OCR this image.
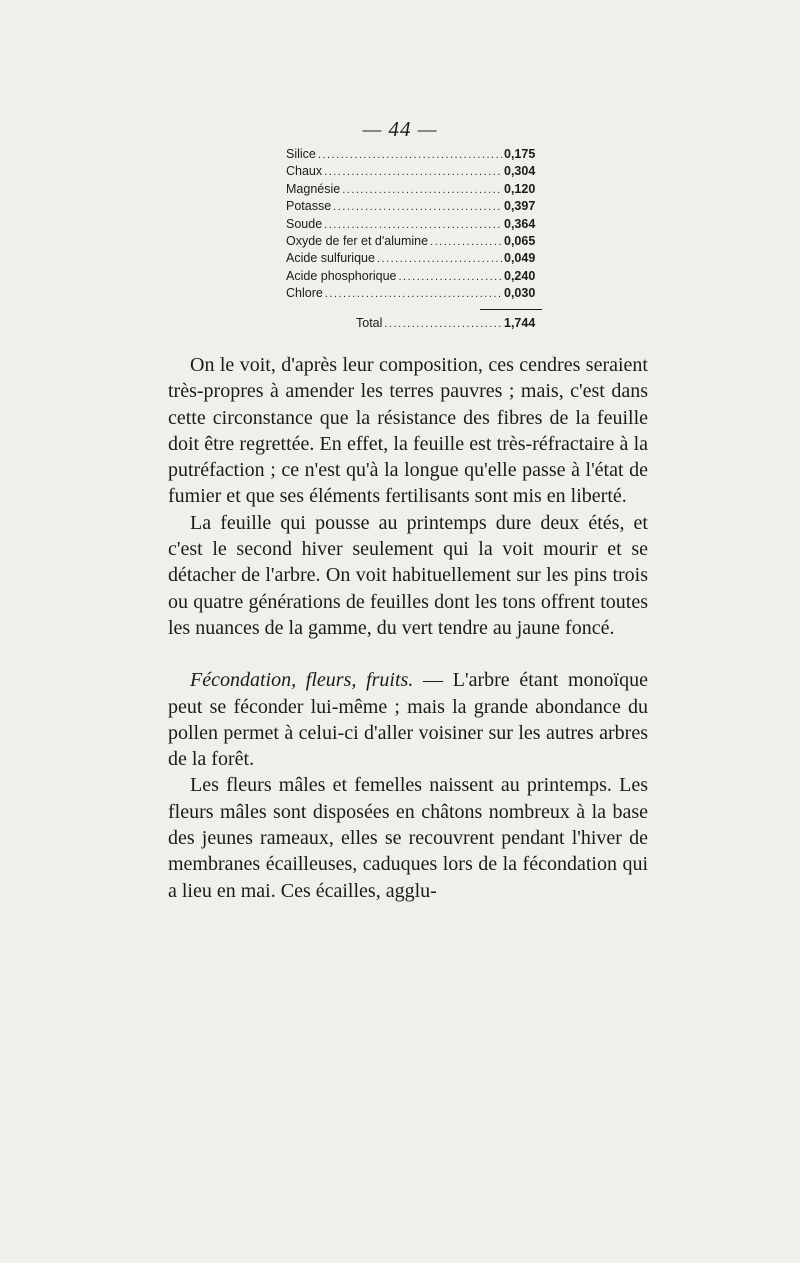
— 44 —
Silice .....	0,175
Chaux .....	0,304
Magnésie .....	0,120
Potasse .....	0,397
Soude .....	0,364
Oxyde de fer et d'alumine .....	0,065
Acide sulfurique .....	0,049
Acide phosphorique .....	0,240
Chlore .....	0,030
Total .....	1,744

On le voit, d'après leur composition, ces cendres seraient très-propres à amender les terres pauvres ; mais, c'est dans cette circonstance que la résistance des fibres de la feuille doit être regrettée. En effet, la feuille est très-réfractaire à la putréfaction ; ce n'est qu'à la longue qu'elle passe à l'état de fumier et que ses éléments fertilisants sont mis en liberté.

La feuille qui pousse au printemps dure deux étés, et c'est le second hiver seulement qui la voit mourir et se détacher de l'arbre. On voit habituellement sur les pins trois ou quatre générations de feuilles dont les tons offrent toutes les nuances de la gamme, du vert tendre au jaune foncé.

Fécondation, fleurs, fruits. — L'arbre étant monoïque peut se féconder lui-même ; mais la grande abondance du pollen permet à celui-ci d'aller voisiner sur les autres arbres de la forêt.

Les fleurs mâles et femelles naissent au printemps. Les fleurs mâles sont disposées en châtons nombreux à la base des jeunes rameaux, elles se recouvrent pendant l'hiver de membranes écailleuses, caduques lors de la fécondation qui a lieu en mai. Ces écailles, agglu-
